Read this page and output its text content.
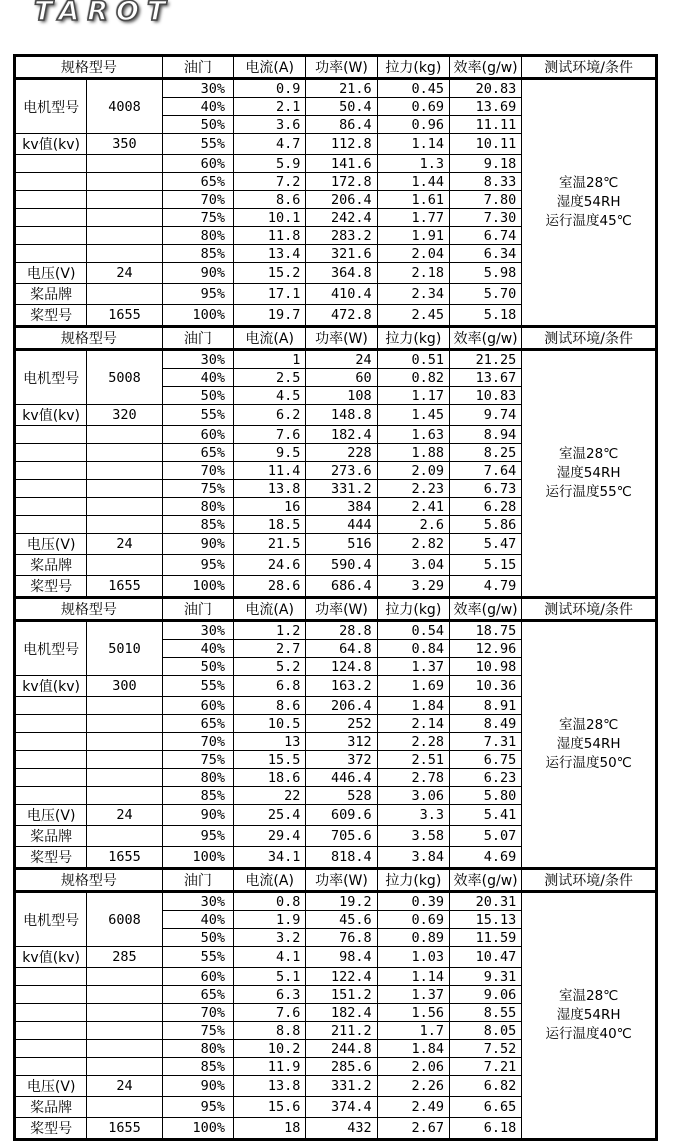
TAROT
规格型号		油门	电流(A)	功率(W)	拉力(kg)	效率(g/w)	测试环境/条件
电机型号	4008	30%	0.9	21.6	0.45	20.83	室温28℃
湿度54RH
运行温度45℃

		40%	2.1	50.4	0.69	13.69	
		50%	3.6	86.4	0.96	11.11	
kv值(kv)	350	55%	4.7	112.8	1.14	10.11	
		60%	5.9	141.6	1.3	9.18	
		65%	7.2	172.8	1.44	8.33	
		70%	8.6	206.4	1.61	7.80	
		75%	10.1	242.4	1.77	7.30	
		80%	11.8	283.2	1.91	6.74	
		85%	13.4	321.6	2.04	6.34	
电压(V)	24	90%	15.2	364.8	2.18	5.98	
桨品牌		95%	17.1	410.4	2.34	5.70	
桨型号	1655	100%	19.7	472.8	2.45	5.18	
规格型号		油门	电流(A)	功率(W)	拉力(kg)	效率(g/w)	测试环境/条件
电机型号	5008	30%	1	24	0.51	21.25	室温28℃
湿度54RH
运行温度55℃

		40%	2.5	60	0.82	13.67	
		50%	4.5	108	1.17	10.83	
kv值(kv)	320	55%	6.2	148.8	1.45	9.74	
		60%	7.6	182.4	1.63	8.94	
		65%	9.5	228	1.88	8.25	
		70%	11.4	273.6	2.09	7.64	
		75%	13.8	331.2	2.23	6.73	
		80%	16	384	2.41	6.28	
		85%	18.5	444	2.6	5.86	
电压(V)	24	90%	21.5	516	2.82	5.47	
桨品牌		95%	24.6	590.4	3.04	5.15	
桨型号	1655	100%	28.6	686.4	3.29	4.79	
规格型号		油门	电流(A)	功率(W)	拉力(kg)	效率(g/w)	测试环境/条件
电机型号	5010	30%	1.2	28.8	0.54	18.75	室温28℃
湿度54RH
运行温度50℃

		40%	2.7	64.8	0.84	12.96	
		50%	5.2	124.8	1.37	10.98	
kv值(kv)	300	55%	6.8	163.2	1.69	10.36	
		60%	8.6	206.4	1.84	8.91	
		65%	10.5	252	2.14	8.49	
		70%	13	312	2.28	7.31	
		75%	15.5	372	2.51	6.75	
		80%	18.6	446.4	2.78	6.23	
		85%	22	528	3.06	5.80	
电压(V)	24	90%	25.4	609.6	3.3	5.41	
桨品牌		95%	29.4	705.6	3.58	5.07	
桨型号	1655	100%	34.1	818.4	3.84	4.69	
规格型号		油门	电流(A)	功率(W)	拉力(kg)	效率(g/w)	测试环境/条件
电机型号	6008	30%	0.8	19.2	0.39	20.31	室温28℃
湿度54RH
运行温度40℃

		40%	1.9	45.6	0.69	15.13	
		50%	3.2	76.8	0.89	11.59	
kv值(kv)	285	55%	4.1	98.4	1.03	10.47	
		60%	5.1	122.4	1.14	9.31	
		65%	6.3	151.2	1.37	9.06	
		70%	7.6	182.4	1.56	8.55	
		75%	8.8	211.2	1.7	8.05	
		80%	10.2	244.8	1.84	7.52	
		85%	11.9	285.6	2.06	7.21	
电压(V)	24	90%	13.8	331.2	2.26	6.82	
桨品牌		95%	15.6	374.4	2.49	6.65	
桨型号	1655	100%	18	432	2.67	6.18	
